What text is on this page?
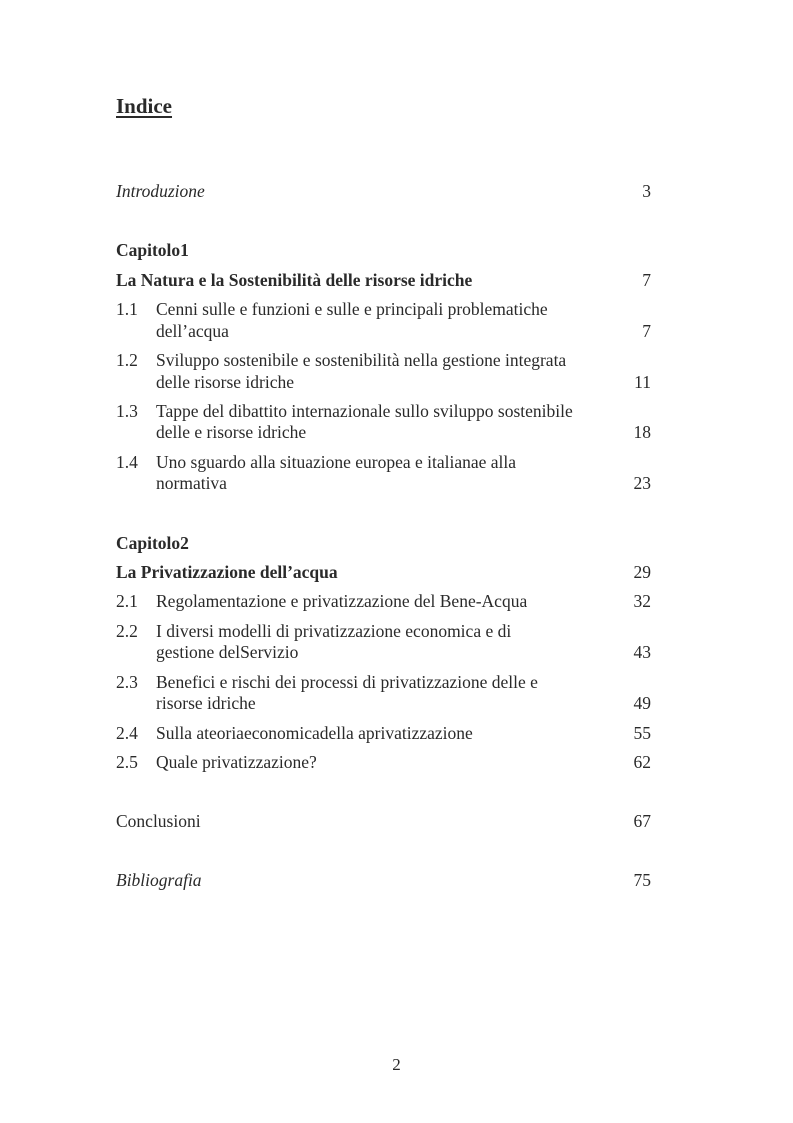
Indice
Introduzione	3
Capitolo1
La Natura e la Sostenibilità delle risorse idriche	7
1.1 Cenni sulle e funzioni e sulle e principali problematiche
dell’acqua	7
1.2 Sviluppo sostenibile e sostenibilità nella gestione integrata
delle risorse idriche	11
1.3 Tappe del dibattito internazionale sullo sviluppo sostenibile
delle e risorse idriche	18
1.4 Uno sguardo alla situazione europea e italianae alla
normativa	23
Capitolo2
La Privatizzazione dell’acqua	29
2.1 Regolamentazione e privatizzazione del Bene-Acqua	32
2.2 I diversi modelli di privatizzazione economica e di
gestione delServizio	43
2.3 Benefici e rischi dei processi di privatizzazione delle e
risorse idriche	49
2.4 Sulla ateoriaeconomicadella aprivatizzazione	55
2.5 Quale privatizzazione?	62
Conclusioni	67
Bibliografia	75
2
